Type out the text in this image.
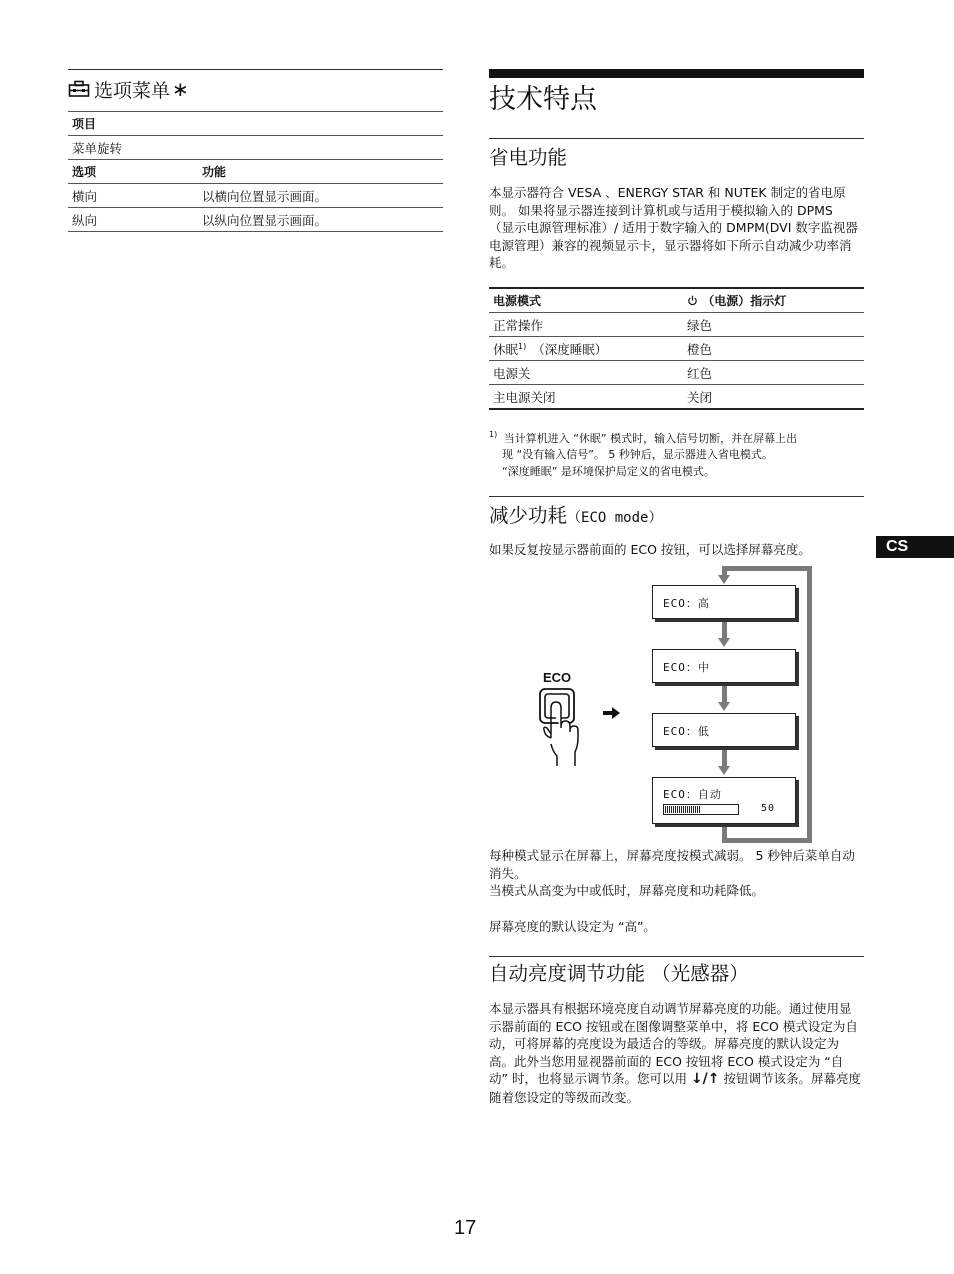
选项菜单 ∗
项目	
菜单旋转	
选项	功能
横向	以横向位置显示画面。
纵向	以纵向位置显示画面。
技术特点
省电功能
本显示器符合 VESA 、ENERGY STAR 和 NUTEK 制定的省电原则。 如果将显示器连接到计算机或与适用于模拟输入的 DPMS （显示电源管理标准）/ 适用于数字输入的 DMPM(DVI 数字监视器电源管理）兼容的视频显示卡，显示器将如下所示自动减少功率消耗。
电源模式	（电源）指示灯
正常操作	绿色
休眠$^{1)}$ （深度睡眠）	橙色
电源关	红色
主电源关闭	关闭
$^{1)}$ 当计算机进入 “休眠” 模式时，输入信号切断，并在屏幕上出
现 “没有输入信号”。 5 秒钟后，显示器进入省电模式。
“深度睡眠” 是环境保护局定义的省电模式。
减少功耗（ECO mode）
如果反复按显示器前面的 ECO 按钮，可以选择屏幕亮度。	CS
ECO：高
ECO：中
ECO：低
ECO：自动
50
ECO
每种模式显示在屏幕上，屏幕亮度按模式减弱。 5 秒钟后菜单自动消失。
当模式从高变为中或低时，屏幕亮度和功耗降低。
屏幕亮度的默认设定为 “高”。
自动亮度调节功能 （光感器）
本显示器具有根据环境亮度自动调节屏幕亮度的功能。通过使用显示器前面的 ECO 按钮或在图像调整菜单中，将 ECO 模式设定为自动，可将屏幕的亮度设为最适合的等级。屏幕亮度的默认设定为高。此外当您用显视器前面的 ECO 按钮将 ECO 模式设定为 “自动” 时，也将显示调节条。您可以用 ↓/↑ 按钮调节该条。屏幕亮度随着您设定的等级而改变。
17
